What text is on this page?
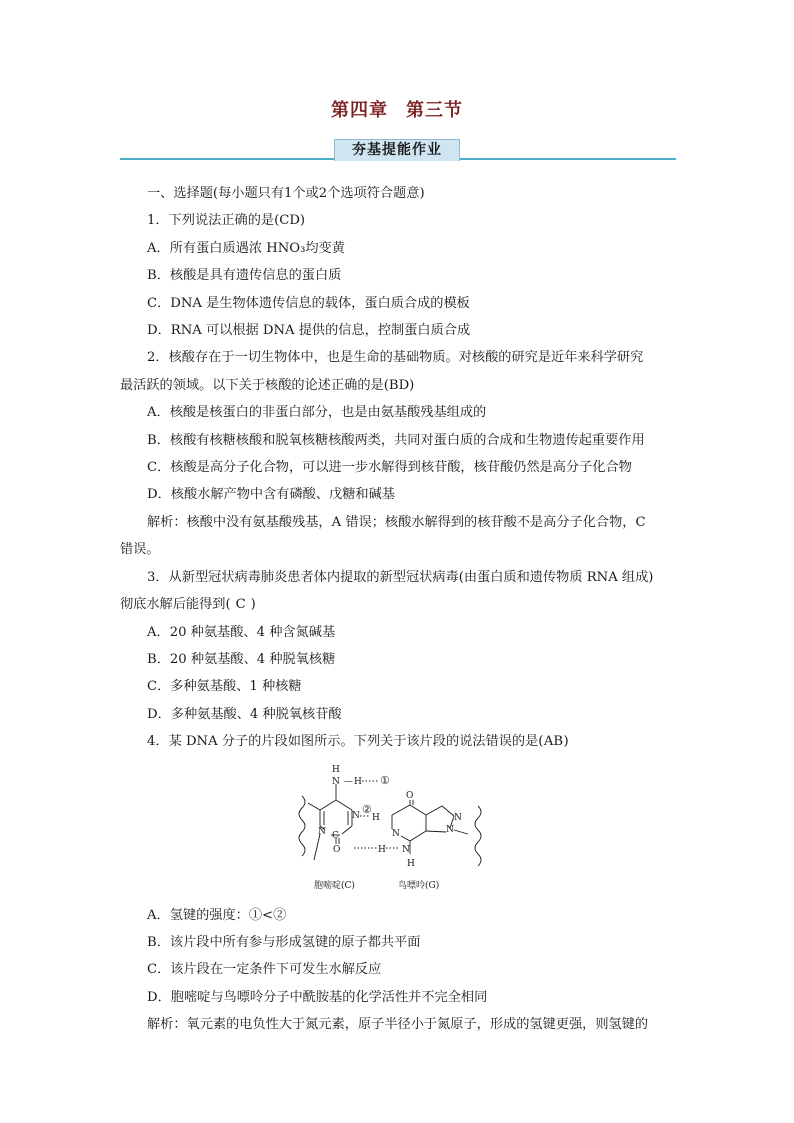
第四章 第三节
夯基提能作业

一、选择题(每小题只有1个或2个选项符合题意)

1．下列说法正确的是(CD)

A．所有蛋白质遇浓 HNO₃均变黄

B．核酸是具有遗传信息的蛋白质

C．DNA 是生物体遗传信息的载体，蛋白质合成的模板

D．RNA 可以根据 DNA 提供的信息，控制蛋白质合成

2．核酸存在于一切生物体中，也是生命的基础物质。对核酸的研究是近年来科学研究

最活跃的领域。以下关于核酸的论述正确的是(BD)

A．核酸是核蛋白的非蛋白部分，也是由氨基酸残基组成的

B．核酸有核糖核酸和脱氧核糖核酸两类，共同对蛋白质的合成和生物遗传起重要作用

C．核酸是高分子化合物，可以进一步水解得到核苷酸，核苷酸仍然是高分子化合物

D．核酸水解产物中含有磷酸、戊糖和碱基

解析：核酸中没有氨基酸残基，A 错误；核酸水解得到的核苷酸不是高分子化合物，C

错误。

3．从新型冠状病毒肺炎患者体内提取的新型冠状病毒(由蛋白质和遗传物质 RNA 组成)

彻底水解后能得到( C )

A．20 种氨基酸、4 种含氮碱基

B．20 种氨基酸、4 种脱氧核糖

C．多种氨基酸、1 种核糖

D．多种氨基酸、4 种脱氧核苷酸

4．某 DNA 分子的片段如图所示。下列关于该片段的说法错误的是(AB)

H
N — H ①
O
N ②
H
N
N C
O	H N
H
N
N
胞嘧啶(C)	鸟嘌呤(G)

A．氢键的强度：①<②

B．该片段中所有参与形成氢键的原子都共平面

C．该片段在一定条件下可发生水解反应

D．胞嘧啶与鸟嘌呤分子中酰胺基的化学活性并不完全相同

解析：氧元素的电负性大于氮元素，原子半径小于氮原子，形成的氢键更强，则氢键的
